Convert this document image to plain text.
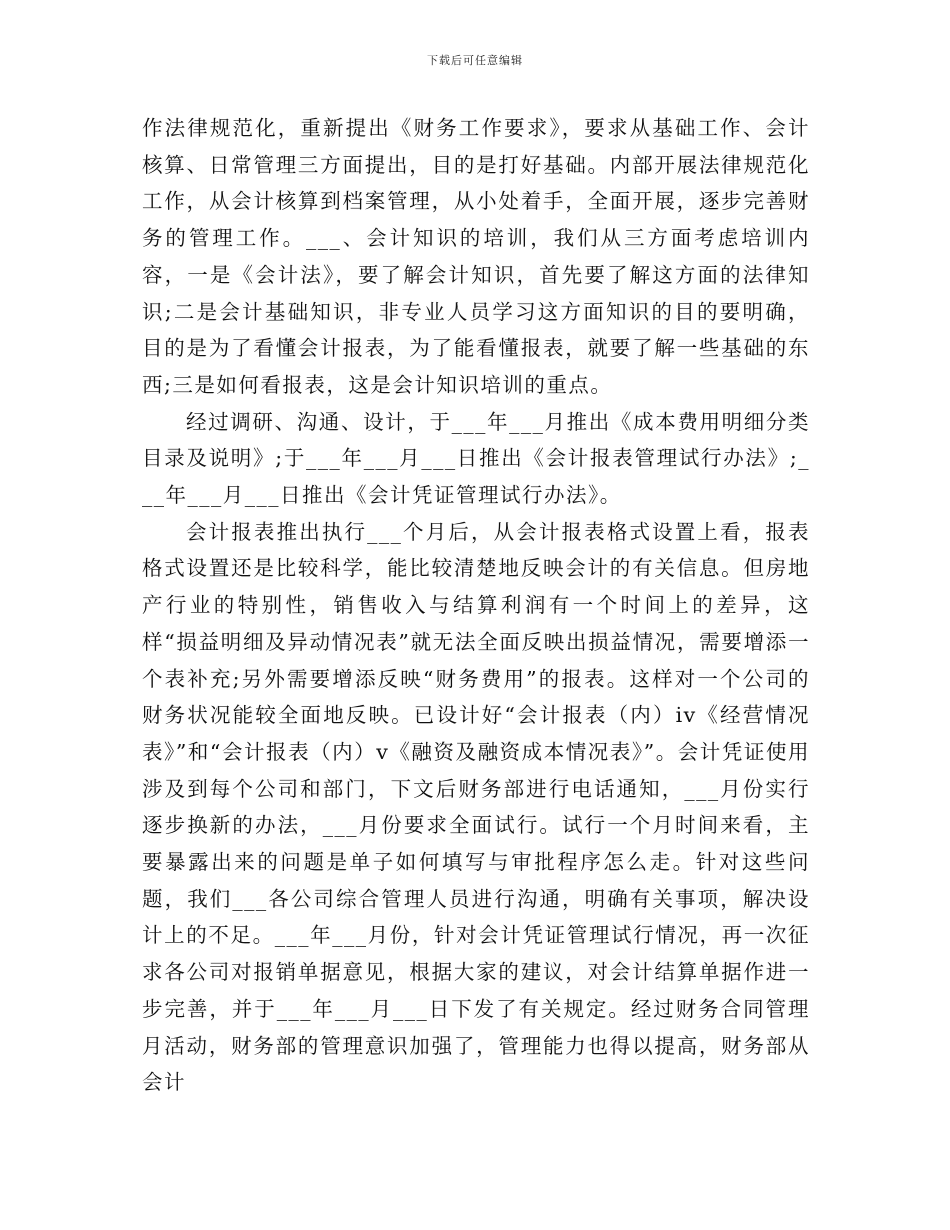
下载后可任意编辑

作法律规范化，重新提出《财务工作要求》，要求从基础工作、会计核算、日常管理三方面提出，目的是打好基础。内部开展法律规范化工作，从会计核算到档案管理，从小处着手，全面开展，逐步完善财务的管理工作。___、会计知识的培训，我们从三方面考虑培训内容，一是《会计法》，要了解会计知识，首先要了解这方面的法律知识;二是会计基础知识，非专业人员学习这方面知识的目的要明确，目的是为了看懂会计报表，为了能看懂报表，就要了解一些基础的东西;三是如何看报表，这是会计知识培训的重点。

经过调研、沟通、设计，于___年___月推出《成本费用明细分类目录及说明》;于___年___月___日推出《会计报表管理试行办法》;___年___月___日推出《会计凭证管理试行办法》。

会计报表推出执行___个月后，从会计报表格式设置上看，报表格式设置还是比较科学，能比较清楚地反映会计的有关信息。但房地产行业的特别性，销售收入与结算利润有一个时间上的差异，这样“损益明细及异动情况表”就无法全面反映出损益情况，需要增添一个表补充;另外需要增添反映“财务费用”的报表。这样对一个公司的财务状况能较全面地反映。已设计好“会计报表（内）iv《经营情况表》”和“会计报表（内）v《融资及融资成本情况表》”。会计凭证使用涉及到每个公司和部门，下文后财务部进行电话通知，___月份实行逐步换新的办法，___月份要求全面试行。试行一个月时间来看，主要暴露出来的问题是单子如何填写与审批程序怎么走。针对这些问题，我们___各公司综合管理人员进行沟通，明确有关事项，解决设计上的不足。___年___月份，针对会计凭证管理试行情况，再一次征求各公司对报销单据意见，根据大家的建议，对会计结算单据作进一步完善，并于___年___月___日下发了有关规定。经过财务合同管理月活动，财务部的管理意识加强了，管理能力也得以提高，财务部从会计
